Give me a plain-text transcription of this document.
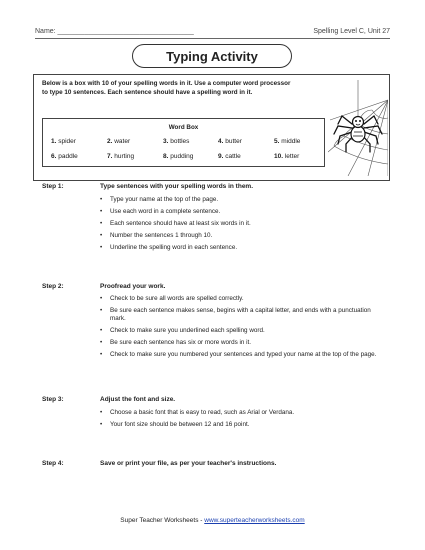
Name: ___________________________________	Spelling Level C, Unit 27
Typing Activity
Below is a box with 10 of your spelling words in it. Use a computer word processor to type 10 sentences. Each sentence should have a spelling word in it.
Word Box
1. spider	2. water	3. bottles	4. butter	5. middle
6. paddle	7. hurting	8. pudding	9. cattle	10. letter
Step 1:	Type sentences with your spelling words in them.
• Type your name at the top of the page.
• Use each word in a complete sentence.
• Each sentence should have at least six words in it.
• Number the sentences 1 through 10.
• Underline the spelling word in each sentence.
Step 2:	Proofread your work.
• Check to be sure all words are spelled correctly.
• Be sure each sentence makes sense, begins with a capital letter, and ends with a punctuation mark.
• Check to make sure you underlined each spelling word.
• Be sure each sentence has six or more words in it.
• Check to make sure you numbered your sentences and typed your name at the top of the page.
Step 3:	Adjust the font and size.
• Choose a basic font that is easy to read, such as Arial or Verdana.
• Your font size should be between 12 and 16 point.
Step 4:	Save or print your file, as per your teacher's instructions.
Super Teacher Worksheets - www.superteacherworksheets.com
